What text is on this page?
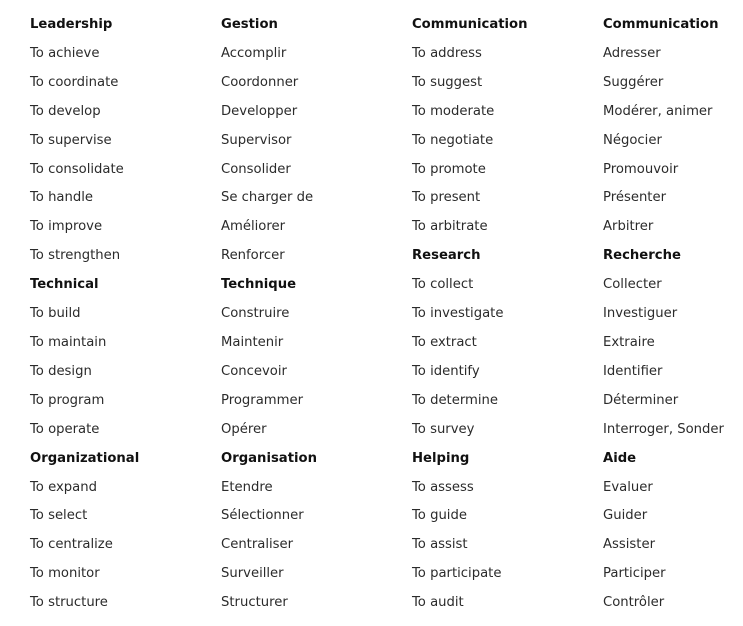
Leadership	Gestion	Communication	Communication
To achieve	Accomplir	To address	Adresser
To coordinate	Coordonner	To suggest	Suggérer
To develop	Developper	To moderate	Modérer, animer
To supervise	Supervisor	To negotiate	Négocier
To consolidate	Consolider	To promote	Promouvoir
To handle	Se charger de	To present	Présenter
To improve	Améliorer	To arbitrate	Arbitrer
To strengthen	Renforcer	Research	Recherche
Technical	Technique	To collect	Collecter
To build	Construire	To investigate	Investiguer
To maintain	Maintenir	To extract	Extraire
To design	Concevoir	To identify	Identifier
To program	Programmer	To determine	Déterminer
To operate	Opérer	To survey	Interroger, Sonder
Organizational	Organisation	Helping	Aide
To expand	Etendre	To assess	Evaluer
To select	Sélectionner	To guide	Guider
To centralize	Centraliser	To assist	Assister
To monitor	Surveiller	To participate	Participer
To structure	Structurer	To audit	Contrôler
